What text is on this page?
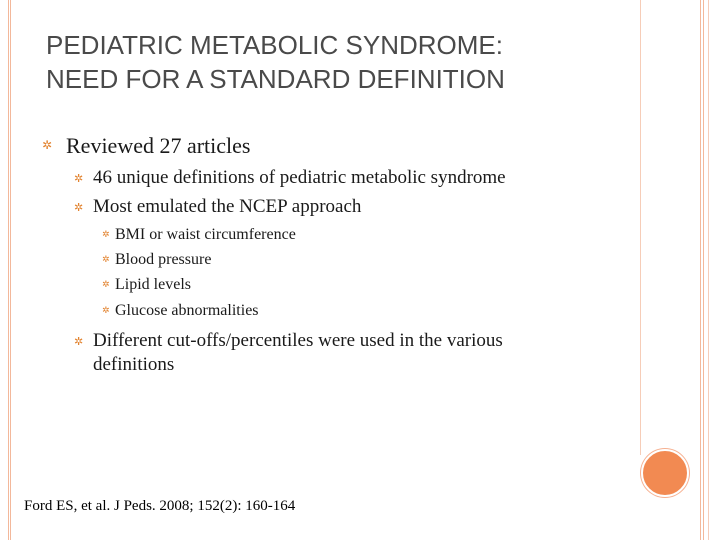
PEDIATRIC METABOLIC SYNDROME:
NEED FOR A STANDARD DEFINITION
✲ Reviewed 27 articles
✲ 46 unique definitions of pediatric metabolic syndrome
✲ Most emulated the NCEP approach
✲ BMI or waist circumference
✲ Blood pressure
✲ Lipid levels
✲ Glucose abnormalities
✲ Different cut-offs/percentiles were used in the various definitions
Ford ES, et al. J Peds. 2008; 152(2): 160-164
